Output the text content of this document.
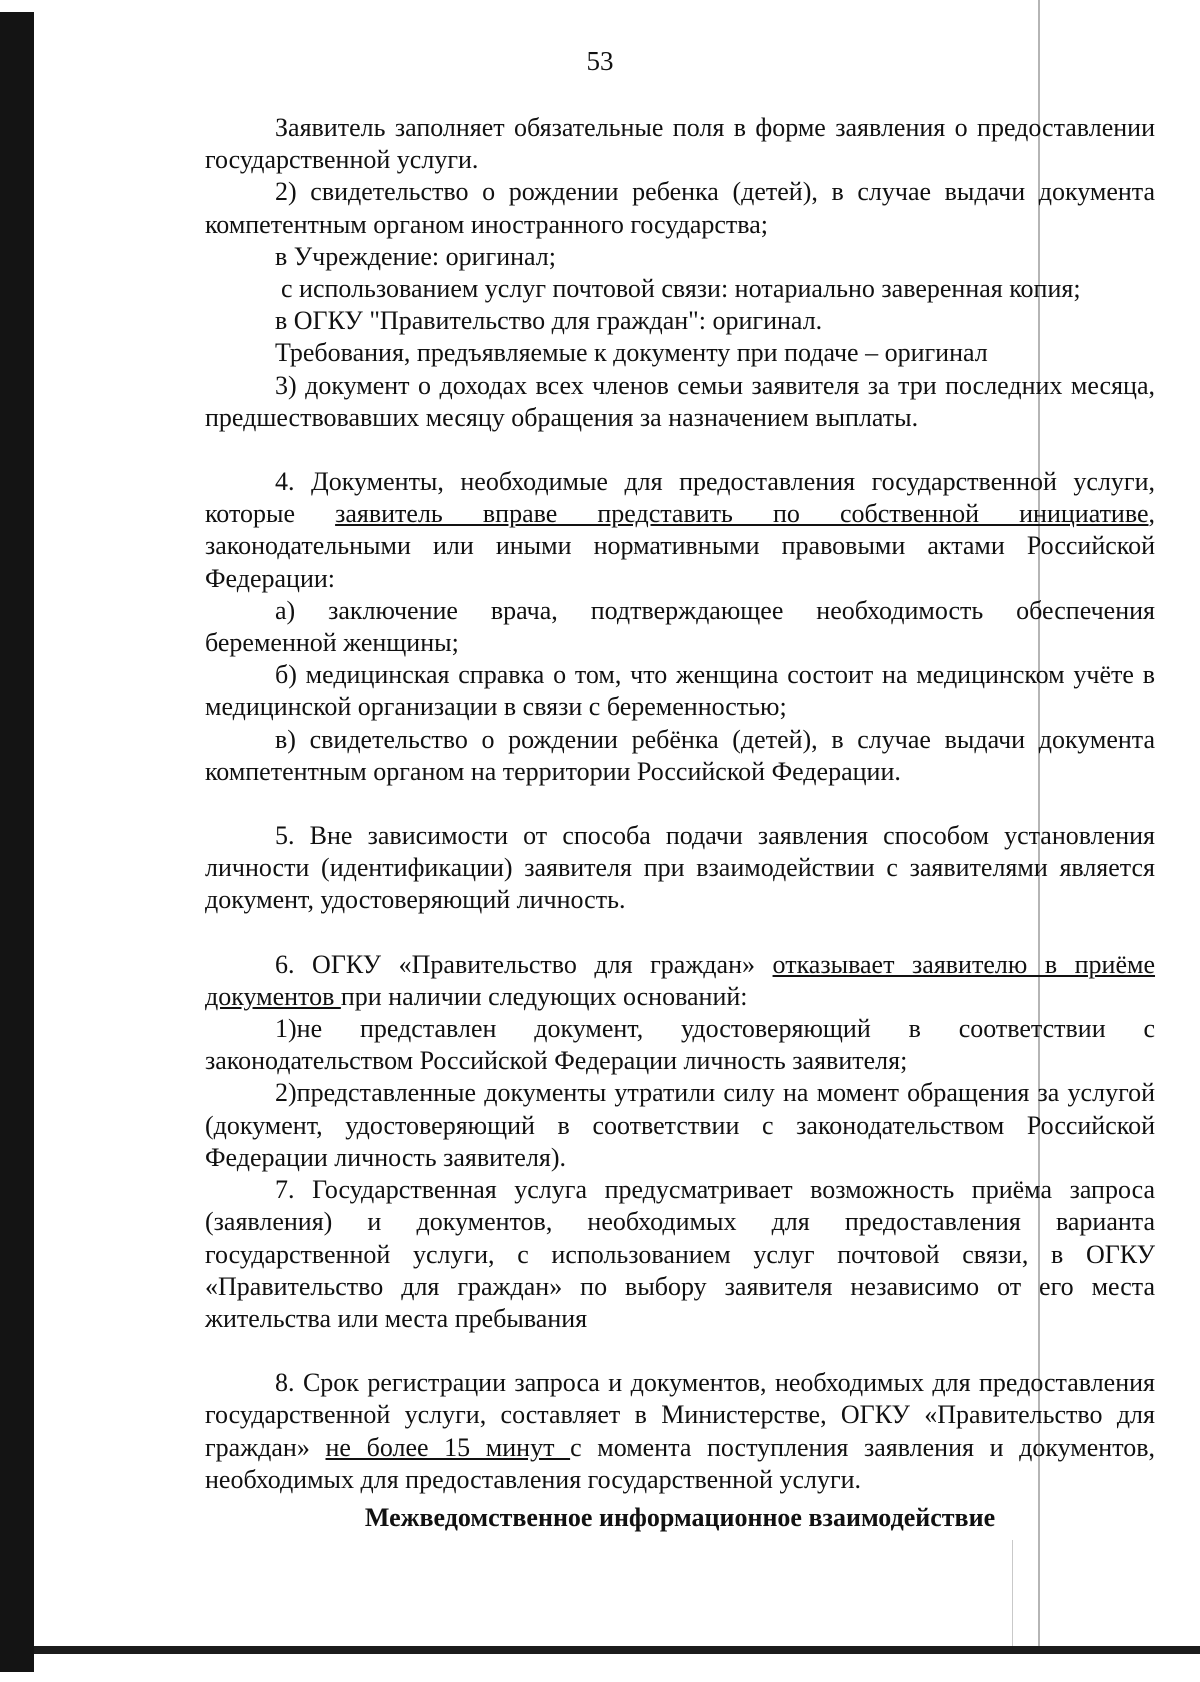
53

Заявитель заполняет обязательные поля в форме заявления о предоставлении государственной услуги.

2) свидетельство о рождении ребенка (детей), в случае выдачи документа компетентным органом иностранного государства;

в Учреждение: оригинал;

с использованием услуг почтовой связи: нотариально заверенная копия;

в ОГКУ "Правительство для граждан": оригинал.

Требования, предъявляемые к документу при подаче – оригинал

3) документ о доходах всех членов семьи заявителя за три последних месяца, предшествовавших месяцу обращения за назначением выплаты.

4. Документы, необходимые для предоставления государственной услуги, которые заявитель вправе представить по собственной инициативе, законодательными или иными нормативными правовыми актами Российской Федерации:

а) заключение врача, подтверждающее необходимость обеспечения беременной женщины;

б) медицинская справка о том, что женщина состоит на медицинском учёте в медицинской организации в связи с беременностью;

в) свидетельство о рождении ребёнка (детей), в случае выдачи документа компетентным органом на территории Российской Федерации.

5. Вне зависимости от способа подачи заявления способом установления личности (идентификации) заявителя при взаимодействии с заявителями является документ, удостоверяющий личность.

6. ОГКУ «Правительство для граждан» отказывает заявителю в приёме документов при наличии следующих оснований:

1)не представлен документ, удостоверяющий в соответствии с законодательством Российской Федерации личность заявителя;

2)представленные документы утратили силу на момент обращения за услугой (документ, удостоверяющий в соответствии с законодательством Российской Федерации личность заявителя).

7. Государственная услуга предусматривает возможность приёма запроса (заявления) и документов, необходимых для предоставления варианта государственной услуги, с использованием услуг почтовой связи, в ОГКУ «Правительство для граждан» по выбору заявителя независимо от его места жительства или места пребывания

8. Срок регистрации запроса и документов, необходимых для предоставления государственной услуги, составляет в Министерстве, ОГКУ «Правительство для граждан» не более 15 минут с момента поступления заявления и документов, необходимых для предоставления государственной услуги.

Межведомственное информационное взаимодействие
